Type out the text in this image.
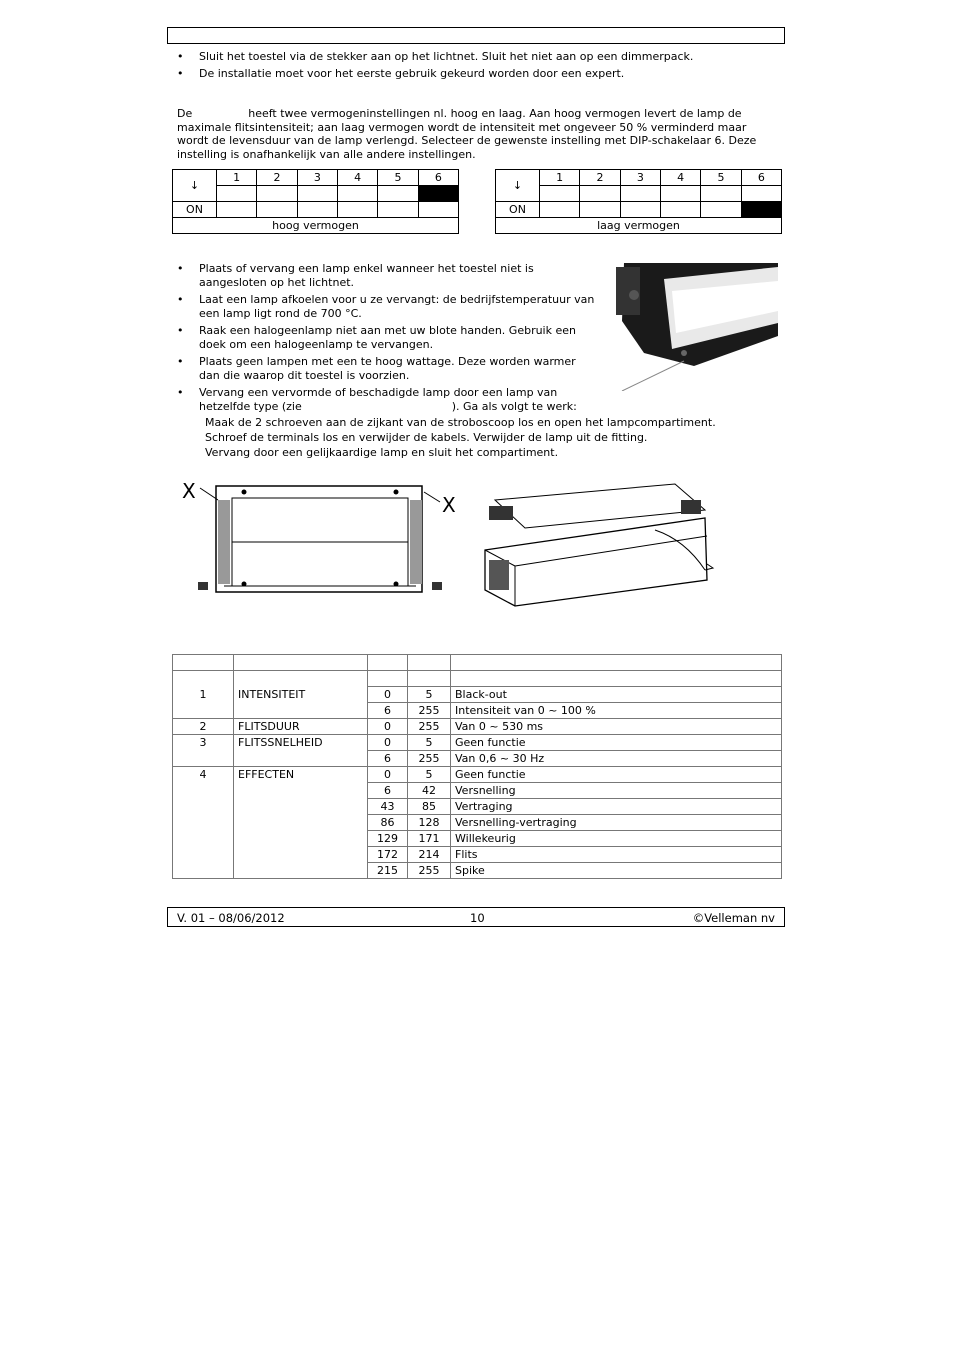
• Sluit het toestel via de stekker aan op het lichtnet. Sluit het niet aan op een dimmerpack.
• De installatie moet voor het eerste gebruik gekeurd worden door een expert.
De	heeft twee vermogeninstellingen nl. hoog en laag. Aan hoog vermogen levert de lamp de maximale flitsintensiteit; aan laag vermogen wordt de intensiteit met ongeveer 50 % verminderd maar wordt de levensduur van de lamp verlengd. Selecteer de gewenste instelling met DIP-schakelaar 6. Deze instelling is onafhankelijk van alle andere instellingen.
↓	1	2	3	4	5	6

ON						
hoog vermogen						
↓	1	2	3	4	5	6

ON						
laag vermogen						
• Plaats of vervang een lamp enkel wanneer het toestel niet is aangesloten op het lichtnet.
• Laat een lamp afkoelen voor u ze vervangt: de bedrijfstemperatuur van een lamp ligt rond de 700 °C.
• Raak een halogeenlamp niet aan met uw blote handen. Gebruik een doek om een halogeenlamp te vervangen.
• Plaats geen lampen met een te hoog wattage. Deze worden warmer dan die waarop dit toestel is voorzien.
• Vervang een vervormde of beschadigde lamp door een lamp van
hetzelfde type (zie	). Ga als volgt te werk:
Maak de 2 schroeven aan de zijkant van de stroboscoop los en open het lampcompartiment.
Schroef de terminals los en verwijder de kabels. Verwijder de lamp uit de fitting.
Vervang door een gelijkaardige lamp en sluit het compartiment.
X
X

1	INTENSITEIT	0	5	Black-out
		6	255	Intensiteit van 0 ~ 100 %
2	FLITSDUUR	0	255	Van 0 ~ 530 ms
3	FLITSSNELHEID	0	5	Geen functie
		6	255	Van 0,6 ~ 30 Hz
4	EFFECTEN	0	5	Geen functie
		6	42	Versnelling
		43	85	Vertraging
		86	128	Versnelling-vertraging
		129	171	Willekeurig
		172	214	Flits
		215	255	Spike
V. 01 – 08/06/2012	10	©Velleman nv
